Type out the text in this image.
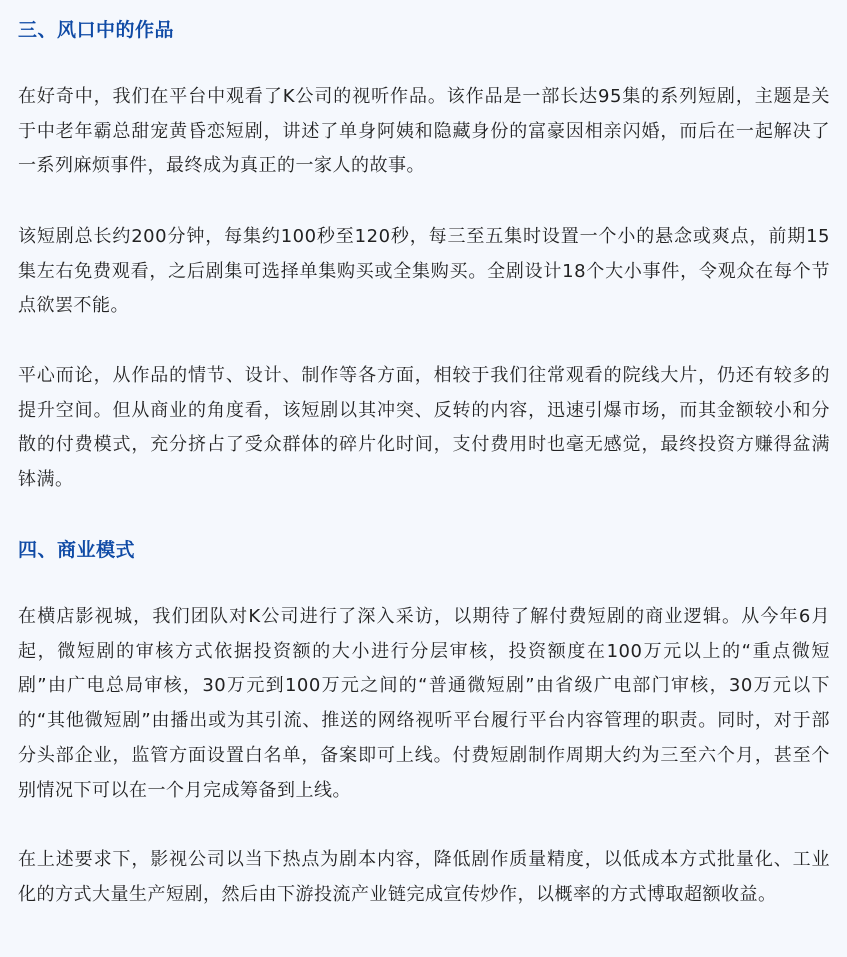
三、风口中的作品

在好奇中，我们在平台中观看了K公司的视听作品。该作品是一部长达95集的系列短剧，主题是关于中老年霸总甜宠黄昏恋短剧，讲述了单身阿姨和隐藏身份的富豪因相亲闪婚，而后在一起解决了一系列麻烦事件，最终成为真正的一家人的故事。

该短剧总长约200分钟，每集约100秒至120秒，每三至五集时设置一个小的悬念或爽点，前期15集左右免费观看，之后剧集可选择单集购买或全集购买。全剧设计18个大小事件，令观众在每个节点欲罢不能。

平心而论，从作品的情节、设计、制作等各方面，相较于我们往常观看的院线大片，仍还有较多的提升空间。但从商业的角度看，该短剧以其冲突、反转的内容，迅速引爆市场，而其金额较小和分散的付费模式，充分挤占了受众群体的碎片化时间，支付费用时也毫无感觉，最终投资方赚得盆满钵满。

四、商业模式

在横店影视城，我们团队对K公司进行了深入采访，以期待了解付费短剧的商业逻辑。从今年6月起，微短剧的审核方式依据投资额的大小进行分层审核，投资额度在100万元以上的“重点微短剧”由广电总局审核，30万元到100万元之间的“普通微短剧”由省级广电部门审核，30万元以下的“其他微短剧”由播出或为其引流、推送的网络视听平台履行平台内容管理的职责。同时，对于部分头部企业，监管方面设置白名单，备案即可上线。付费短剧制作周期大约为三至六个月，甚至个别情况下可以在一个月完成筹备到上线。

在上述要求下，影视公司以当下热点为剧本内容，降低剧作质量精度，以低成本方式批量化、工业化的方式大量生产短剧，然后由下游投流产业链完成宣传炒作，以概率的方式博取超额收益。
